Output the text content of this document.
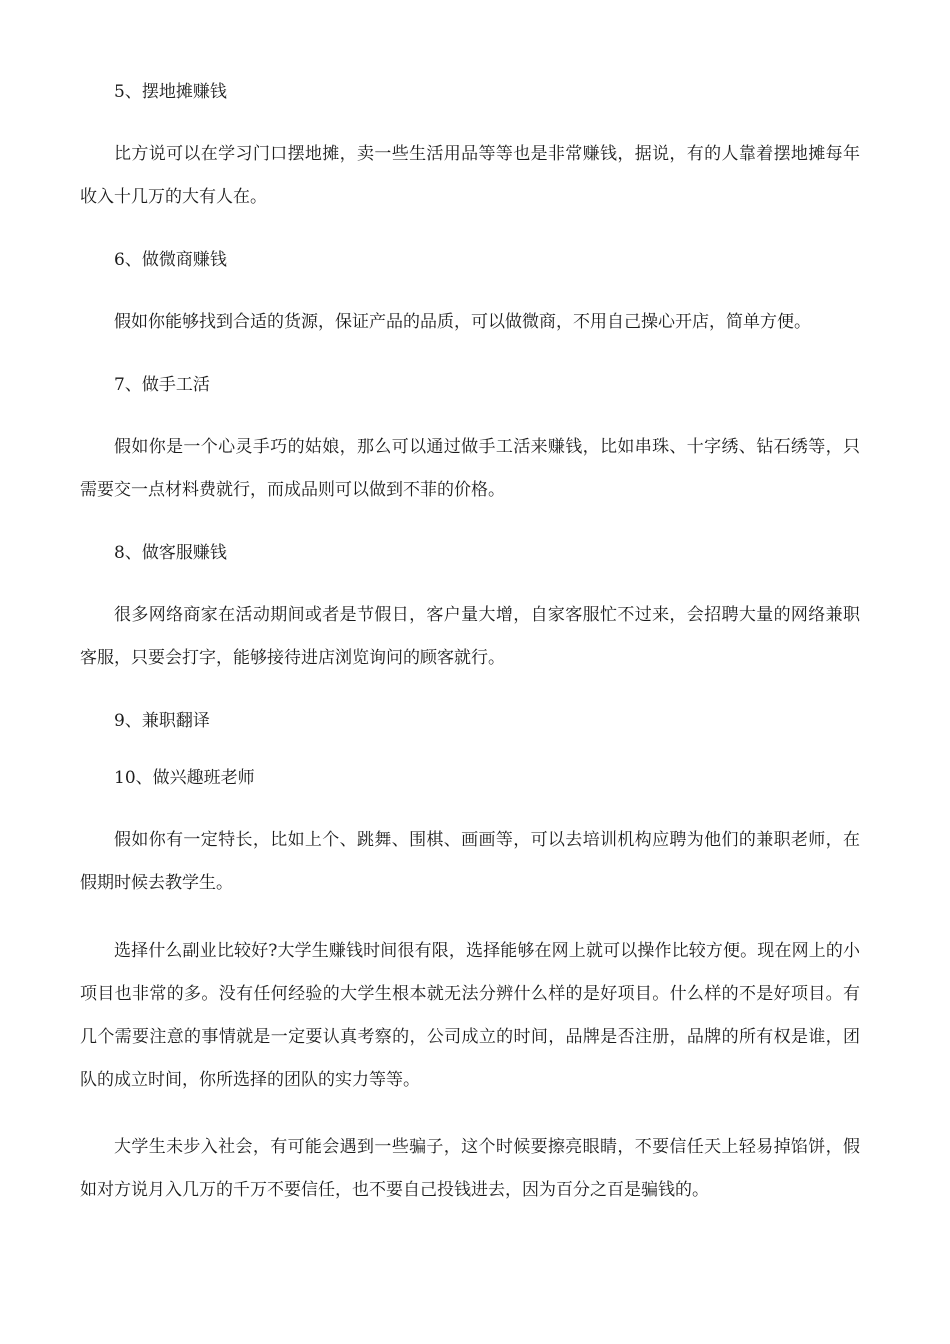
5、摆地摊赚钱
比方说可以在学习门口摆地摊，卖一些生活用品等等也是非常赚钱，据说，有的人靠着摆地摊每年收入十几万的大有人在。
6、做微商赚钱
假如你能够找到合适的货源，保证产品的品质，可以做微商，不用自己操心开店，简单方便。
7、做手工活
假如你是一个心灵手巧的姑娘，那么可以通过做手工活来赚钱，比如串珠、十字绣、钻石绣等，只需要交一点材料费就行，而成品则可以做到不菲的价格。
8、做客服赚钱
很多网络商家在活动期间或者是节假日，客户量大增，自家客服忙不过来，会招聘大量的网络兼职客服，只要会打字，能够接待进店浏览询问的顾客就行。
9、兼职翻译
10、做兴趣班老师
假如你有一定特长，比如上个、跳舞、围棋、画画等，可以去培训机构应聘为他们的兼职老师，在假期时候去教学生。
选择什么副业比较好?大学生赚钱时间很有限，选择能够在网上就可以操作比较方便。现在网上的小项目也非常的多。没有任何经验的大学生根本就无法分辨什么样的是好项目。什么样的不是好项目。有几个需要注意的事情就是一定要认真考察的，公司成立的时间，品牌是否注册，品牌的所有权是谁，团队的成立时间，你所选择的团队的实力等等。
大学生未步入社会，有可能会遇到一些骗子，这个时候要擦亮眼睛，不要信任天上轻易掉馅饼，假如对方说月入几万的千万不要信任，也不要自己投钱进去，因为百分之百是骗钱的。
